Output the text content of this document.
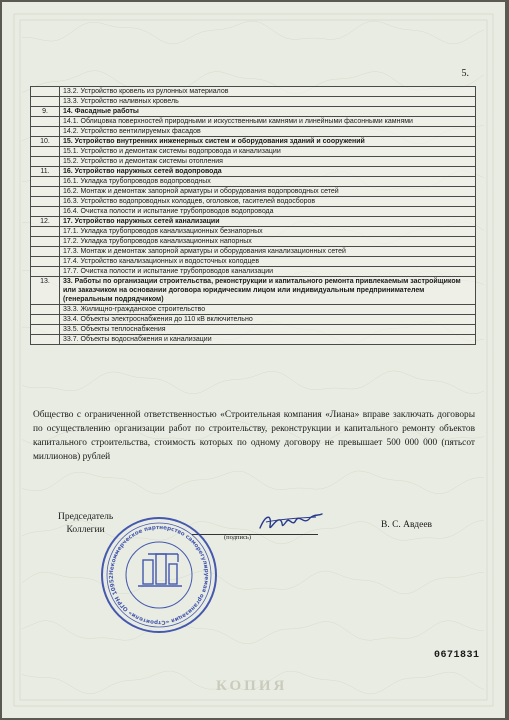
5.
	13.2. Устройство кровель из рулонных материалов
	13.3. Устройство наливных кровель
9.	14. Фасадные работы
	14.1. Облицовка поверхностей природными и искусственными камнями и линейными фасонными камнями
	14.2. Устройство вентилируемых фасадов
10.	15. Устройство внутренних инженерных систем и оборудования зданий и сооружений
	15.1. Устройство и демонтаж системы водопровода и канализации
	15.2. Устройство и демонтаж системы отопления
11.	16. Устройство наружных сетей водопровода
	16.1. Укладка трубопроводов водопроводных
	16.2. Монтаж и демонтаж запорной арматуры и оборудования водопроводных сетей
	16.3. Устройство водопроводных колодцев, оголовков, гасителей водосборов
	16.4. Очистка полости и испытание трубопроводов водопровода
12.	17. Устройство наружных сетей канализации
	17.1. Укладка трубопроводов канализационных безнапорных
	17.2. Укладка трубопроводов канализационных напорных
	17.3. Монтаж и демонтаж запорной арматуры и оборудования канализационных сетей
	17.4. Устройство канализационных и водосточных колодцев
	17.7. Очистка полости и испытание трубопроводов канализации
13.	33. Работы по организации строительства, реконструкции и капитального ремонта привлекаемым застройщиком или заказчиком на основании договора юридическим лицом или индивидуальным предпринимателем (генеральным подрядчиком)
	33.3. Жилищно-гражданское строительство
	33.4. Объекты электроснабжения до 110 кВ включительно
	33.5. Объекты теплоснабжения
	33.7. Объекты водоснабжения и канализации
Общество с ограниченной ответственностью «Строительная компания «Лиана» вправе заключать договоры по осуществлению организации работ по строительству, реконструкции и капитального ремонту объектов капитального строительства, стоимость которых по одному договору не превышает 500 000 000 (пятьсот миллионов) рублей
Председатель
Коллегии
(подпись)
В. С. Авдеев
Некоммерческое партнерство саморегулируемая организация «Строители» ОГРН 10952
0671831
КОПИЯ
